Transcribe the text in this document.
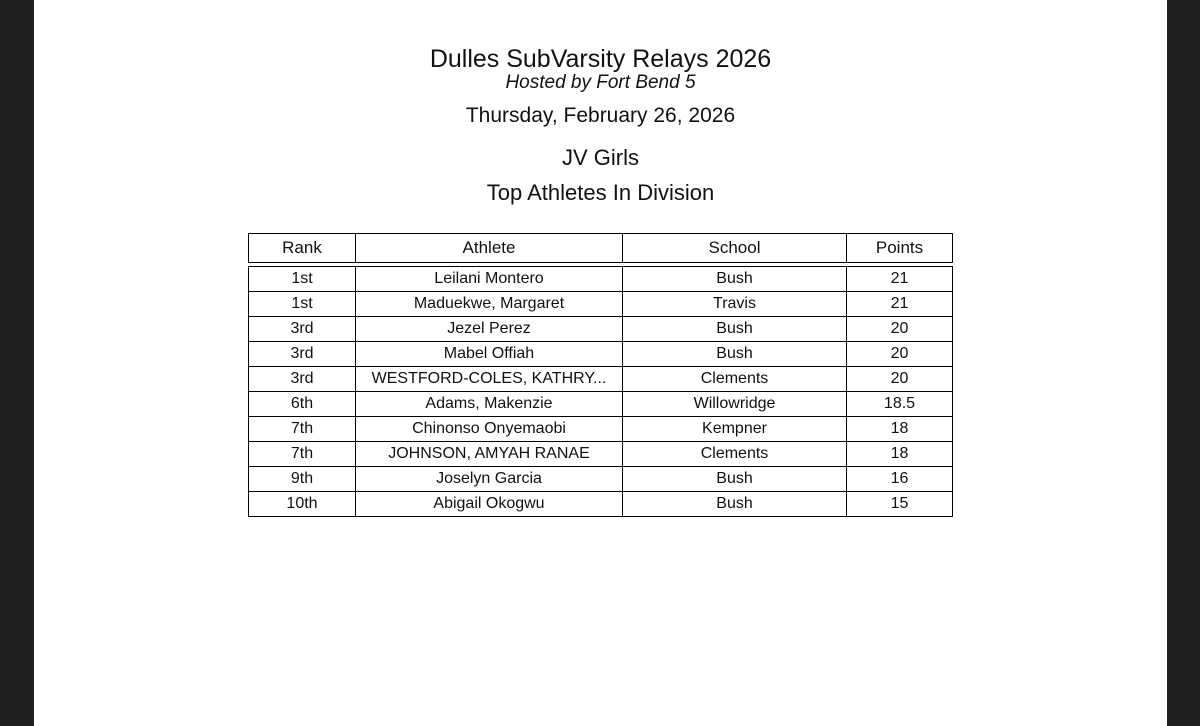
Dulles SubVarsity Relays 2026
Hosted by Fort Bend 5
Thursday, February 26, 2026
JV Girls
Top Athletes In Division
Rank	Athlete	School	Points
1st	Leilani Montero	Bush	21
1st	Maduekwe, Margaret	Travis	21
3rd	Jezel Perez	Bush	20
3rd	Mabel Offiah	Bush	20
3rd	WESTFORD-COLES, KATHRY...	Clements	20
6th	Adams, Makenzie	Willowridge	18.5
7th	Chinonso Onyemaobi	Kempner	18
7th	JOHNSON, AMYAH RANAE	Clements	18
9th	Joselyn Garcia	Bush	16
10th	Abigail Okogwu	Bush	15
